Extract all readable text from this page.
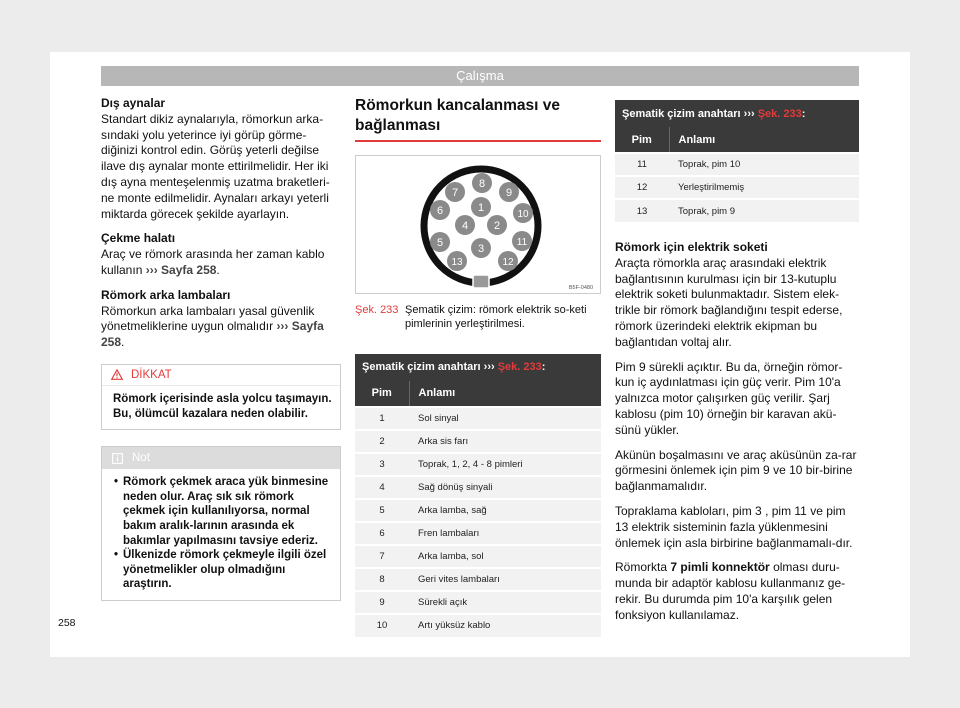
Çalışma
Dış aynalar

Standart dikiz aynalarıyla, römorkun arka-sındaki yolu yeterince iyi görüp görme-diğinizi kontrol edin. Görüş yeterli değilse ilave dış aynalar monte ettirilmelidir. Her iki dış ayna menteşelenmiş uzatma braketleri-ne monte edilmelidir. Aynaları arkayı yeterli miktarda görecek şekilde ayarlayın.

Çekme halatı

Araç ve römork arasında her zaman kablo kullanın ››› Sayfa 258.

Römork arka lambaları

Römorkun arka lambaları yasal güvenlik yönetmeliklerine uygun olmalıdır ››› Sayfa 258.

DİKKAT
Römork içerisinde asla yolcu taşımayın. Bu, ölümcül kazalara neden olabilir.
Not
• Römork çekmek araca yük binmesine neden olur. Araç sık sık römork çekmek için kullanılıyorsa, normal bakım aralık-larının arasında ek bakımlar yapılmasını tavsiye ederiz.
• Ülkenizde römork çekmeyle ilgili özel yönetmelikler olup olmadığını araştırın.
Römorkun kancalanması ve bağlanması
1
2
3
4
5
6
7
8
9
10
11
12
13
B5F-0480
Şek. 233 Şematik çizim: römork elektrik so-keti pimlerinin yerleştirilmesi.
Şematik çizim anahtarı ›››
Şek. 233 :
Pim	Anlamı
1	Sol sinyal
2	Arka sis farı
3	Toprak, 1, 2, 4 - 8 pimleri
4	Sağ dönüş sinyali
5	Arka lamba, sağ
6	Fren lambaları
7	Arka lamba, sol
8	Geri vites lambaları
9	Sürekli açık
10	Artı yüksüz kablo
Şematik çizim anahtarı ›››
Şek. 233 :
Pim	Anlamı
11	Toprak, pim 10
12	Yerleştirilmemiş
13	Toprak, pim 9
Römork için elektrik soketi

Araçta römorkla araç arasındaki elektrik bağlantısının kurulması için bir 13-kutuplu elektrik soketi bulunmaktadır. Sistem elek-trikle bir römork bağlandığını tespit ederse, römork üzerindeki elektrik ekipman bu bağlantıdan voltaj alır.

Pim 9 sürekli açıktır. Bu da, örneğin römor-kun iç aydınlatması için güç verir. Pim 10'a yalnızca motor çalışırken güç verilir. Şarj kablosu (pim 10) örneğin bir karavan akü-sünü yükler.

Akünün boşalmasını ve araç aküsünün za-rar görmesini önlemek için pim 9 ve 10 bir-birine bağlanmamalıdır.

Topraklama kabloları, pim 3 , pim 11 ve pim 13 elektrik sisteminin fazla yüklenmesini önlemek için asla birbirine bağlanmamalı-dır.

Römorkta 7 pimli konnektör olması duru-munda bir adaptör kablosu kullanmanız ge-rekir. Bu durumda pim 10'a karşılık gelen fonksiyon kullanılamaz.

258
